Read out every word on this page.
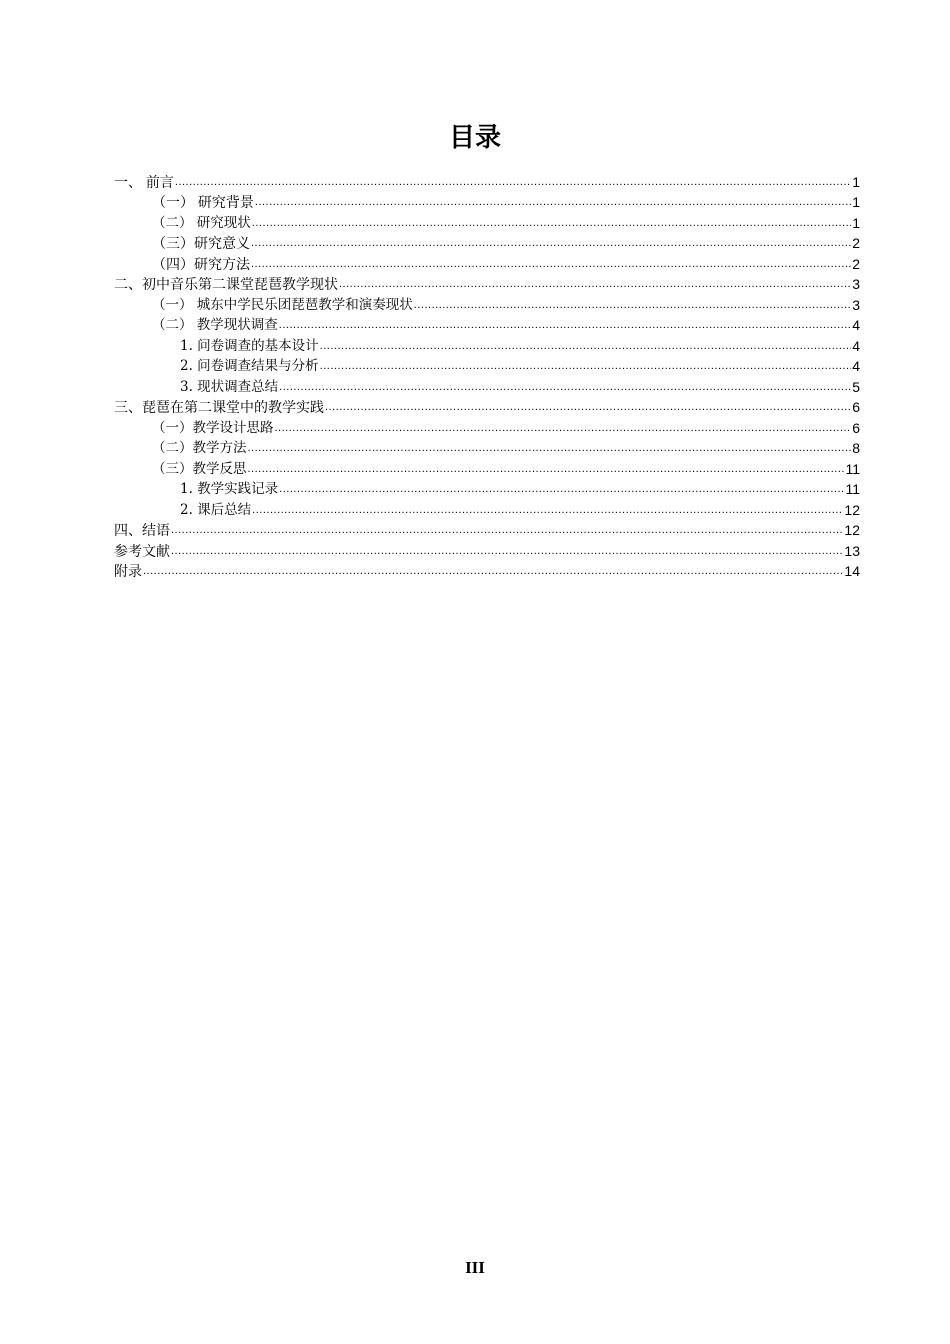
目录
一、 前言 .....	1
（一） 研究背景 .....	1
（二） 研究现状 .....	1
（三）研究意义 .....	2
（四）研究方法 .....	2
二、初中音乐第二课堂琵琶教学现状 .....	3
（一） 城东中学民乐团琵琶教学和演奏现状 .....	3
（二） 教学现状调查 .....	4
1. 问卷调查的基本设计 .....	4
2. 问卷调查结果与分析 .....	4
3. 现状调查总结 .....	5
三、琵琶在第二课堂中的教学实践 .....	6
（一）教学设计思路 .....	6
（二）教学方法 .....	8
（三）教学反思 .....	11
1. 教学实践记录 .....	11
2. 课后总结 .....	12
四、结语 .....	12
参考文献 .....	13
附录 .....	14
III
